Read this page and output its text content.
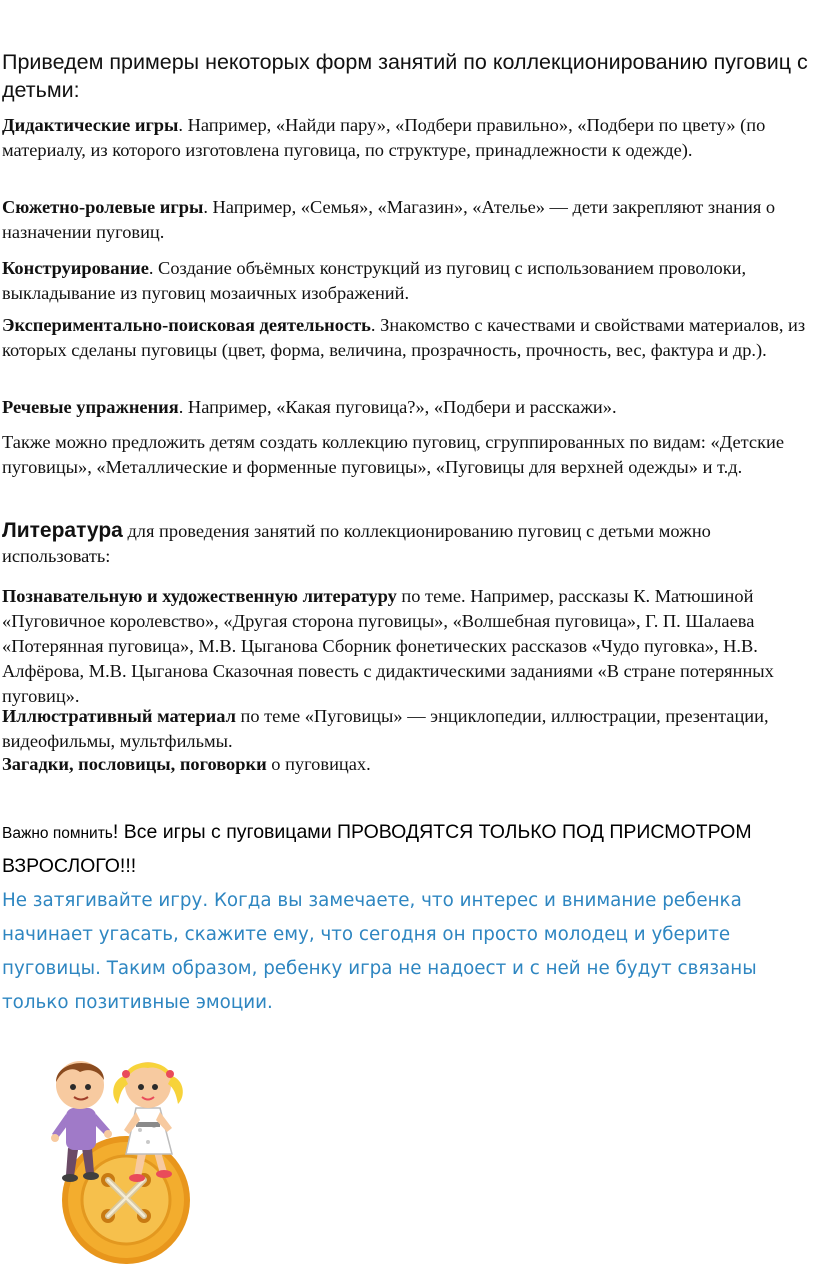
Приведем примеры некоторых форм занятий по коллекционированию пуговиц с детьми:

Дидактические игры. Например, «Найди пару», «Подбери правильно», «Подбери по цвету» (по материалу, из которого изготовлена пуговица, по структуре, принадлежности к одежде).

Сюжетно-ролевые игры. Например, «Семья», «Магазин», «Ателье» — дети закрепляют знания о назначении пуговиц.

Конструирование. Создание объёмных конструкций из пуговиц с использованием проволоки, выкладывание из пуговиц мозаичных изображений.

Экспериментально-поисковая деятельность. Знакомство с качествами и свойствами материалов, из которых сделаны пуговицы (цвет, форма, величина, прозрачность, прочность, вес, фактура и др.).

Речевые упражнения. Например, «Какая пуговица?», «Подбери и расскажи».

Также можно предложить детям создать коллекцию пуговиц, сгруппированных по видам: «Детские пуговицы», «Металлические и форменные пуговицы», «Пуговицы для верхней одежды» и т.д.

Литература для проведения занятий по коллекционированию пуговиц с детьми можно использовать:

Познавательную и художественную литературу по теме. Например, рассказы К. Матюшиной «Пуговичное королевство», «Другая сторона пуговицы», «Волшебная пуговица», Г. П. Шалаева «Потерянная пуговица», М.В. Цыганова Сборник фонетических рассказов «Чудо пуговка», Н.В. Алфёрова, М.В. Цыганова Сказочная повесть с дидактическими заданиями «В стране потерянных пуговиц».

Иллюстративный материал по теме «Пуговицы» — энциклопедии, иллюстрации, презентации, видеофильмы, мультфильмы.

Загадки, пословицы, поговорки о пуговицах.

Важно помнить! Все игры с пуговицами ПРОВОДЯТСЯ ТОЛЬКО ПОД ПРИСМОТРОМ ВЗРОСЛОГО!!!

Не затягивайте игру. Когда вы замечаете, что интерес и внимание ребенка начинает угасать, скажите ему, что сегодня он просто молодец и уберите пуговицы. Таким образом, ребенку игра не надоест и с ней не будут связаны только позитивные эмоции.
